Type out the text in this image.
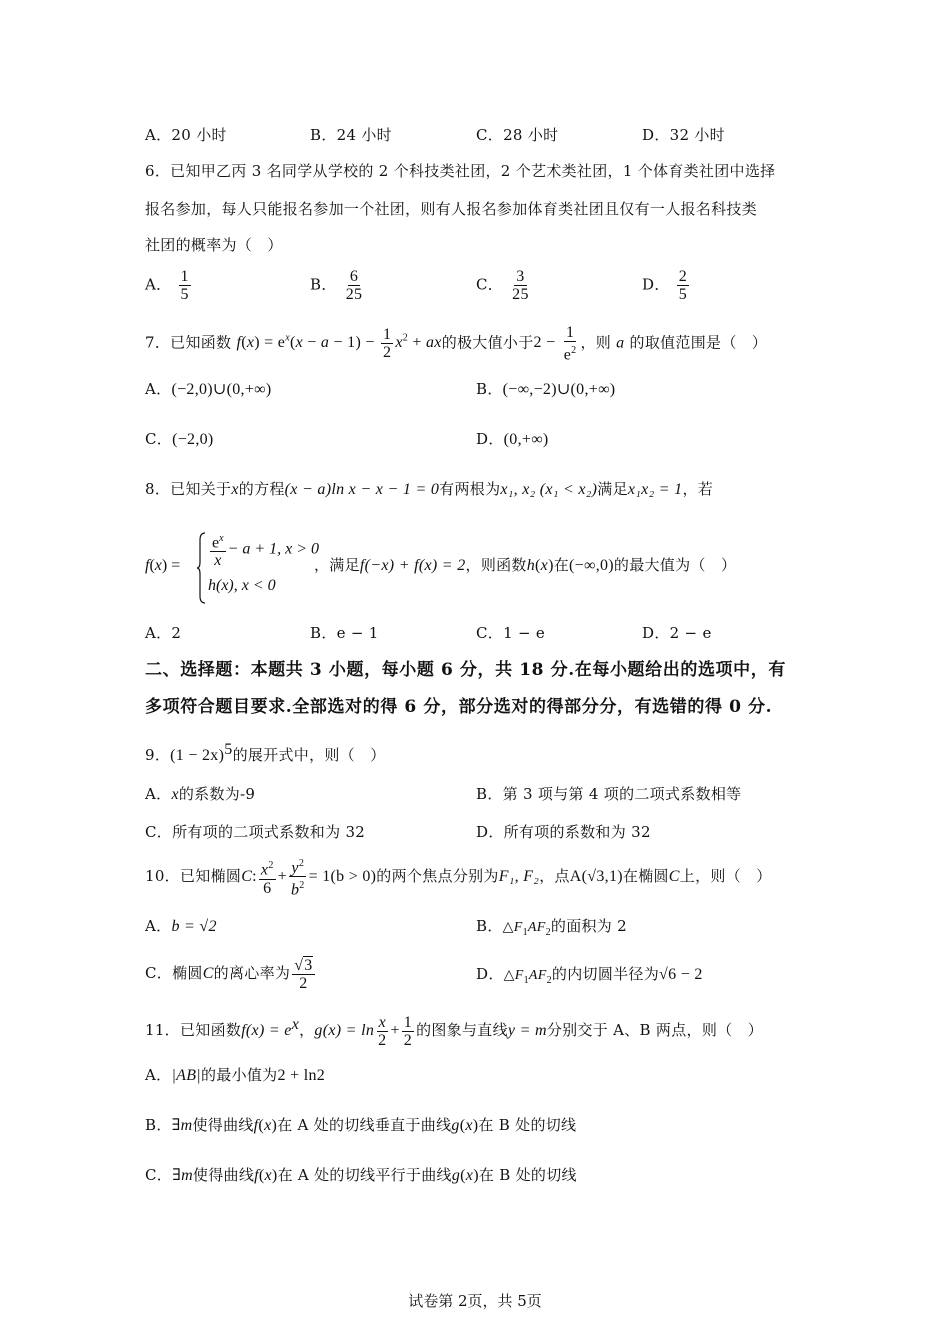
A．20 小时	B．24 小时	C．28 小时	D．32 小时
6．已知甲乙丙 3 名同学从学校的 2 个科技类社团，2 个艺术类社团，1 个体育类社团中选择
报名参加，每人只能报名参加一个社团，则有人报名参加体育类社团且仅有一人报名科技类
社团的概率为（　）
A． $\frac{1}{5}$	B． $\frac{6}{25}$	C． $\frac{3}{25}$	D． $\frac{2}{5}$
7．已知函数 $f(x) = e^x(x - a - 1) - \frac{1}{2} x^2$ + ax的极大值小于$2 - \frac{1}{e^2}$ ，则 a 的取值范围是（　）
A．(−2,0)∪(0,+∞)	B．(−∞,−2)∪(0,+∞)
C．(−2,0)	D．(0,+∞)
8．已知关于x的方程(x − a)ln x − x − 1 = 0有两根为x₁, x₂ (x₁ < x₂)满足x₁x₂ = 1，若
$f(x) = \frac{e^x}{x} - a + 1$, x > 0
h(x), x < 0
，满足f(−x) + f(x) = 2，则函数h(x)在(−∞,0)的最大值为（　）
A．2	B．e − 1	C．1 − e	D．2 − e
二、选择题：本题共 3 小题，每小题 6 分，共 18 分.在每小题给出的选项中，有
多项符合题目要求.全部选对的得 6 分，部分选对的得部分分，有选错的得 0 分.
9．$(1 - 2x)^5$的展开式中，则（　）
A．x的系数为-9	B．第 3 项与第 4 项的二项式系数相等
C．所有项的二项式系数和为 32	D．所有项的系数和为 32
10．已知椭圆C: $\frac{x^2}{6} + \frac{y^2}{b^2} = 1(b > 0)$的两个焦点分别为F₁, F₂，点A(√3,1)在椭圆C上，则（　）
A．b = √2	B．$\triangle F_1AF_2$的面积为 2
C．椭圆C的离心率为 $\frac{√3}{2}$	D．$\triangle F_1AF_2$的内切圆半径为√6 − 2
11．已知函数$f(x) = e^x$，$g(x) = \ln \frac{x}{2} + \frac{1}{2}$ 的图象与直线y = m分别交于 A、B 两点，则（　）
A．|AB|的最小值为2 + ln2
B．∃m使得曲线f(x)在 A 处的切线垂直于曲线g(x)在 B 处的切线
C．∃m使得曲线f(x)在 A 处的切线平行于曲线g(x)在 B 处的切线
试卷第 2页，共 5页
